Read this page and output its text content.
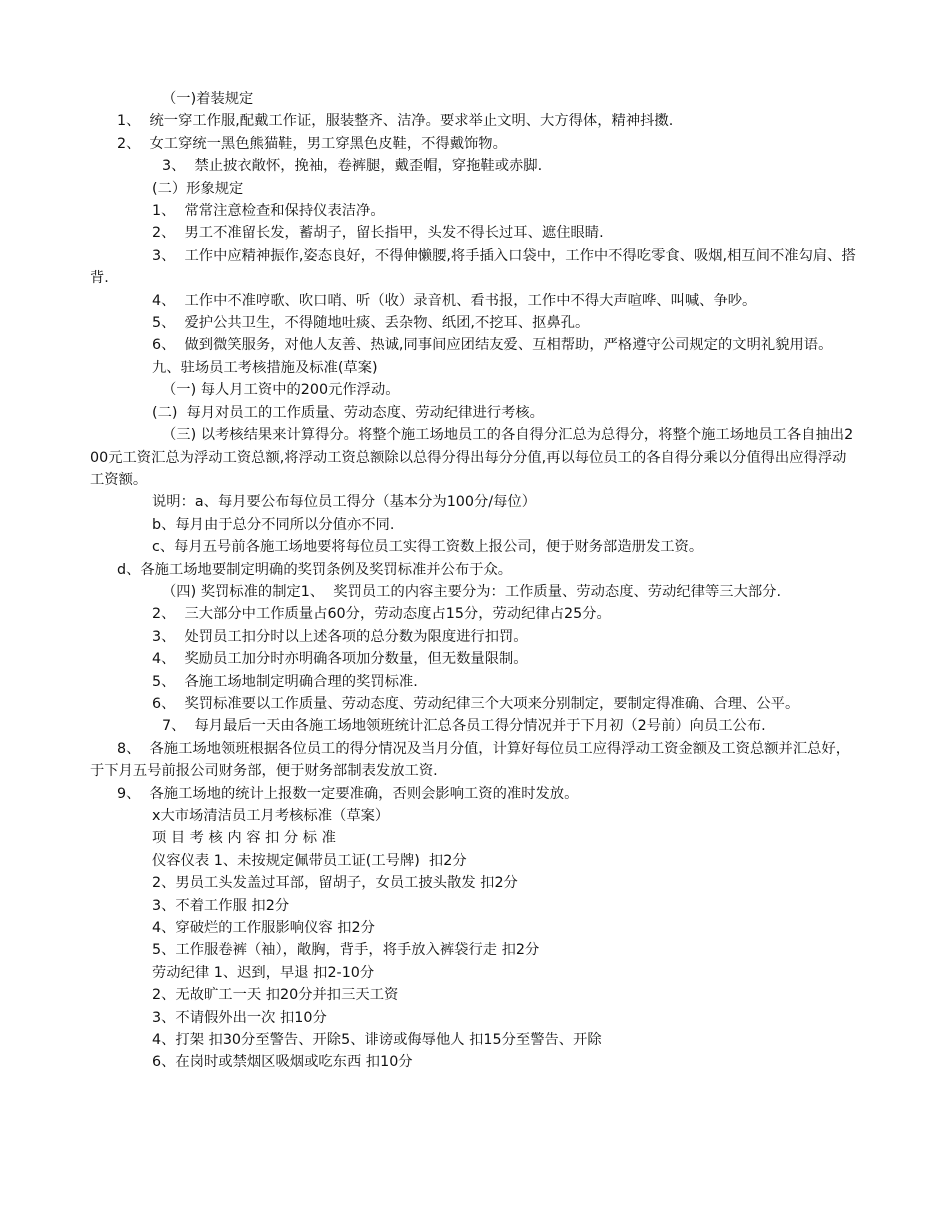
（一)着装规定
1、  统一穿工作服,配戴工作证，服装整齐、洁净。要求举止文明、大方得体，精神抖擞.
2、  女工穿统一黑色熊猫鞋，男工穿黑色皮鞋，不得戴饰物。
3、  禁止披衣敞怀，挽袖，卷裤腿，戴歪帽，穿拖鞋或赤脚.
(二）形象规定
1、  常常注意检查和保持仪表洁净。
2、  男工不准留长发，蓄胡子，留长指甲，头发不得长过耳、遮住眼睛.
3、  工作中应精神振作,姿态良好，不得伸懒腰,将手插入口袋中，工作中不得吃零食、吸烟,相互间不准勾肩、搭背.
4、  工作中不准哼歌、吹口哨、听（收）录音机、看书报，工作中不得大声喧哗、叫喊、争吵。
5、  爱护公共卫生，不得随地吐痰、丢杂物、纸团,不挖耳、抠鼻孔。
6、  做到微笑服务，对他人友善、热诚,同事间应团结友爱、互相帮助，严格遵守公司规定的文明礼貌用语。
九、驻场员工考核措施及标准(草案)
（一) 每人月工资中的200元作浮动。
(二)  每月对员工的工作质量、劳动态度、劳动纪律进行考核。
（三) 以考核结果来计算得分。将整个施工场地员工的各自得分汇总为总得分，将整个施工场地员工各自抽出200元工资汇总为浮动工资总额,将浮动工资总额除以总得分得出每分分值,再以每位员工的各自得分乘以分值得出应得浮动工资额。
说明：a、每月要公布每位员工得分（基本分为100分/每位）
b、每月由于总分不同所以分值亦不同.
c、每月五号前各施工场地要将每位员工实得工资数上报公司，便于财务部造册发工资。
d、各施工场地要制定明确的奖罚条例及奖罚标准并公布于众。
（四) 奖罚标准的制定1、  奖罚员工的内容主要分为：工作质量、劳动态度、劳动纪律等三大部分.
2、  三大部分中工作质量占60分，劳动态度占15分，劳动纪律占25分。
3、  处罚员工扣分时以上述各项的总分数为限度进行扣罚。
4、  奖励员工加分时亦明确各项加分数量，但无数量限制。
5、  各施工场地制定明确合理的奖罚标准.
6、  奖罚标准要以工作质量、劳动态度、劳动纪律三个大项来分别制定，要制定得准确、合理、公平。
7、  每月最后一天由各施工场地领班统计汇总各员工得分情况并于下月初（2号前）向员工公布.
8、  各施工场地领班根据各位员工的得分情况及当月分值，计算好每位员工应得浮动工资金额及工资总额并汇总好，于下月五号前报公司财务部，便于财务部制表发放工资.
9、  各施工场地的统计上报数一定要准确，否则会影响工资的准时发放。
x大市场清洁员工月考核标准（草案）
项 目 考 核 内 容 扣 分 标 准
仪容仪表 1、未按规定佩带员工证(工号牌)  扣2分
2、男员工头发盖过耳部，留胡子，女员工披头散发 扣2分
3、不着工作服 扣2分
4、穿破烂的工作服影响仪容 扣2分
5、工作服卷裤（袖），敞胸，背手，将手放入裤袋行走 扣2分
劳动纪律 1、迟到，早退 扣2-10分
2、无故旷工一天 扣20分并扣三天工资
3、不请假外出一次 扣10分
4、打架 扣30分至警告、开除5、诽谤或侮辱他人 扣15分至警告、开除
6、在岗时或禁烟区吸烟或吃东西 扣10分
